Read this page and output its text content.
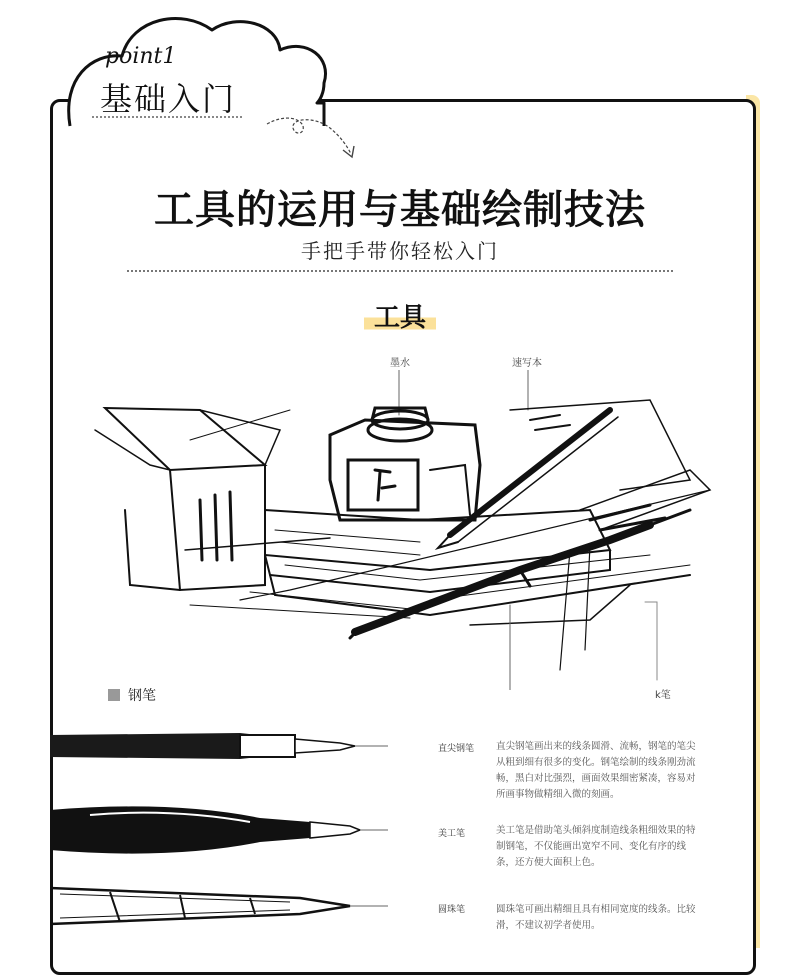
point1
基础入门
工具的运用与基础绘制技法
手把手带你轻松入门
工具
墨水	速写本
k笔
钢笔
直尖钢笔 直尖钢笔画出来的线条圆滑、流畅，钢笔的笔尖从粗到细有很多的变化。钢笔绘制的线条刚劲流畅，黑白对比强烈，画面效果细密紧凑，容易对所画事物做精细入微的刻画。
美工笔	美工笔是借助笔头倾斜度制造线条粗细效果的特制钢笔，不仅能画出宽窄不同、变化有序的线条，还方便大面积上色。
圆珠笔	圆珠笔可画出精细且具有相同宽度的线条。比较滑，不建议初学者使用。
